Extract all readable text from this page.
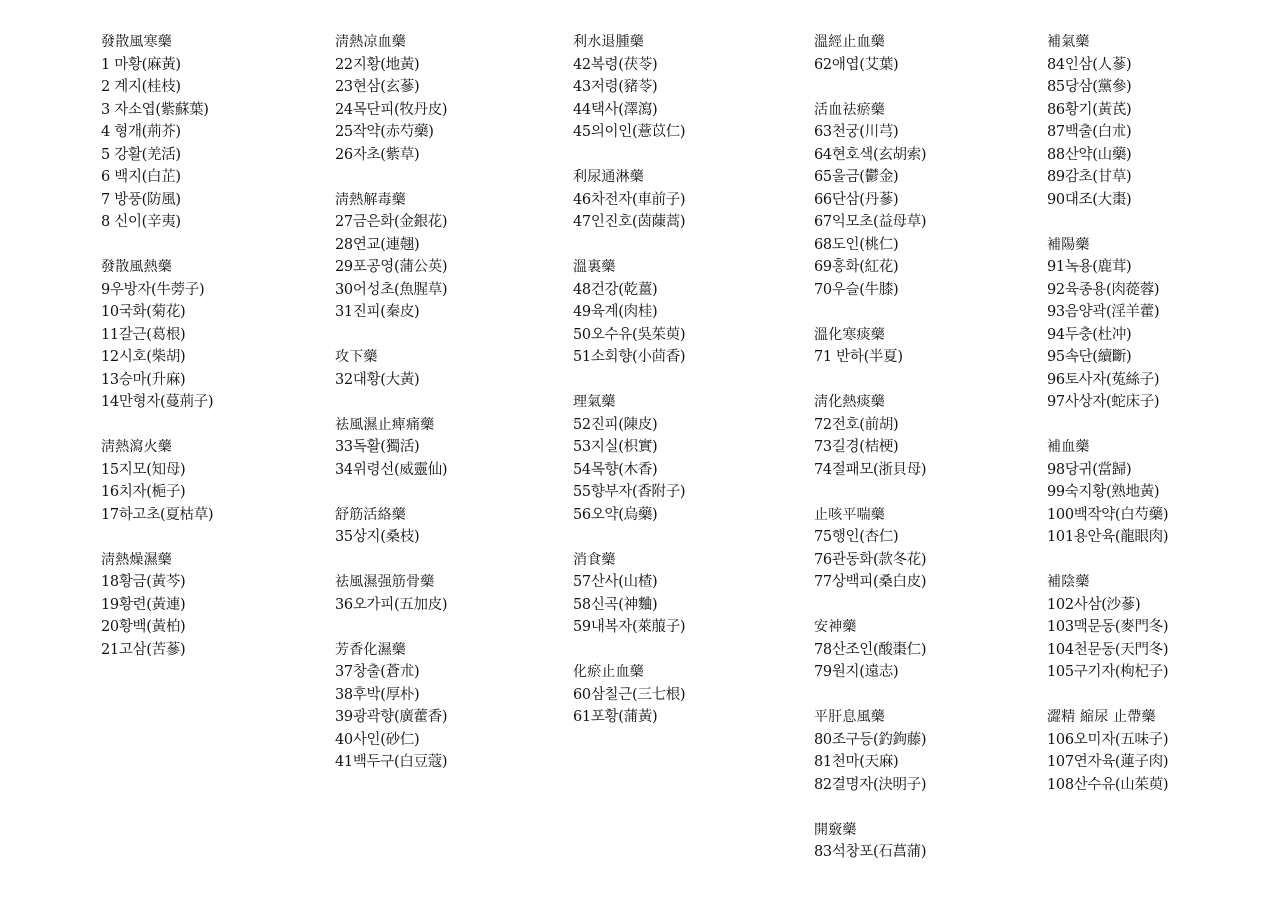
發散風寒藥
1 마황(麻黃)
2 계지(桂枝)
3 자소엽(紫蘇葉)
4 형개(荊芥)
5 강활(羌活)
6 백지(白芷)
7 방풍(防風)
8 신이(辛夷)
發散風熱藥
9우방자(牛蒡子)
10국화(菊花)
11갈근(葛根)
12시호(柴胡)
13승마(升麻)
14만형자(蔓荊子)
淸熱瀉火藥
15지모(知母)
16치자(梔子)
17하고초(夏枯草)
淸熱燥濕藥
18황금(黃芩)
19황련(黃連)
20황백(黃柏)
21고삼(苦蔘)
淸熱凉血藥
22지황(地黃)
23현삼(玄蔘)
24목단피(牧丹皮)
25작약(赤芍藥)
26자초(紫草)
淸熱解毒藥
27금은화(金銀花)
28연교(連翹)
29포공영(蒲公英)
30어성초(魚腥草)
31진피(秦皮)
攻下藥
32대황(大黃)
祛風濕止痺痛藥
33독활(獨活)
34위령선(威靈仙)
舒筋活絡藥
35상지(桑枝)
祛風濕强筋骨藥
36오가피(五加皮)
芳香化濕藥
37창출(蒼朮)
38후박(厚朴)
39광곽향(廣藿香)
40사인(砂仁)
41백두구(白豆蔻)
利水退腫藥
42복령(茯苓)
43저령(豬苓)
44택사(澤瀉)
45의이인(薏苡仁)
利尿通淋藥
46차전자(車前子)
47인진호(茵蔯蒿)
溫裏藥
48건강(乾薑)
49육계(肉桂)
50오수유(吳茱萸)
51소회향(小茴香)
理氣藥
52진피(陳皮)
53지실(枳實)
54목향(木香)
55향부자(香附子)
56오약(烏藥)
消食藥
57산사(山楂)
58신곡(神麯)
59내복자(萊菔子)
化瘀止血藥
60삼칠근(三七根)
61포황(蒲黃)
溫經止血藥
62애엽(艾葉)
活血祛瘀藥
63천궁(川芎)
64현호색(玄胡索)
65울금(鬱金)
66단삼(丹蔘)
67익모초(益母草)
68도인(桃仁)
69홍화(紅花)
70우슬(牛膝)
溫化寒痰藥
71 반하(半夏)
淸化熱痰藥
72전호(前胡)
73길경(桔梗)
74절패모(浙貝母)
止咳平喘藥
75행인(杏仁)
76관동화(款冬花)
77상백피(桑白皮)
安神藥
78산조인(酸棗仁)
79원지(遠志)
平肝息風藥
80조구등(釣鉤藤)
81천마(天麻)
82결명자(決明子)
開竅藥
83석창포(石菖蒲)
補氣藥
84인삼(人蔘)
85당삼(黨參)
86황기(黃芪)
87백출(白朮)
88산약(山藥)
89감초(甘草)
90대조(大棗)
補陽藥
91녹용(鹿茸)
92육종용(肉蓯蓉)
93음양곽(淫羊藿)
94두충(杜冲)
95속단(續斷)
96토사자(菟絲子)
97사상자(蛇床子)
補血藥
98당귀(當歸)
99숙지황(熟地黃)
100백작약(白芍藥)
101용안육(龍眼肉)
補陰藥
102사삼(沙蔘)
103맥문동(麥門冬)
104천문동(天門冬)
105구기자(枸杞子)
澀精 縮尿 止帶藥
106오미자(五味子)
107연자육(蓮子肉)
108산수유(山茱萸)
